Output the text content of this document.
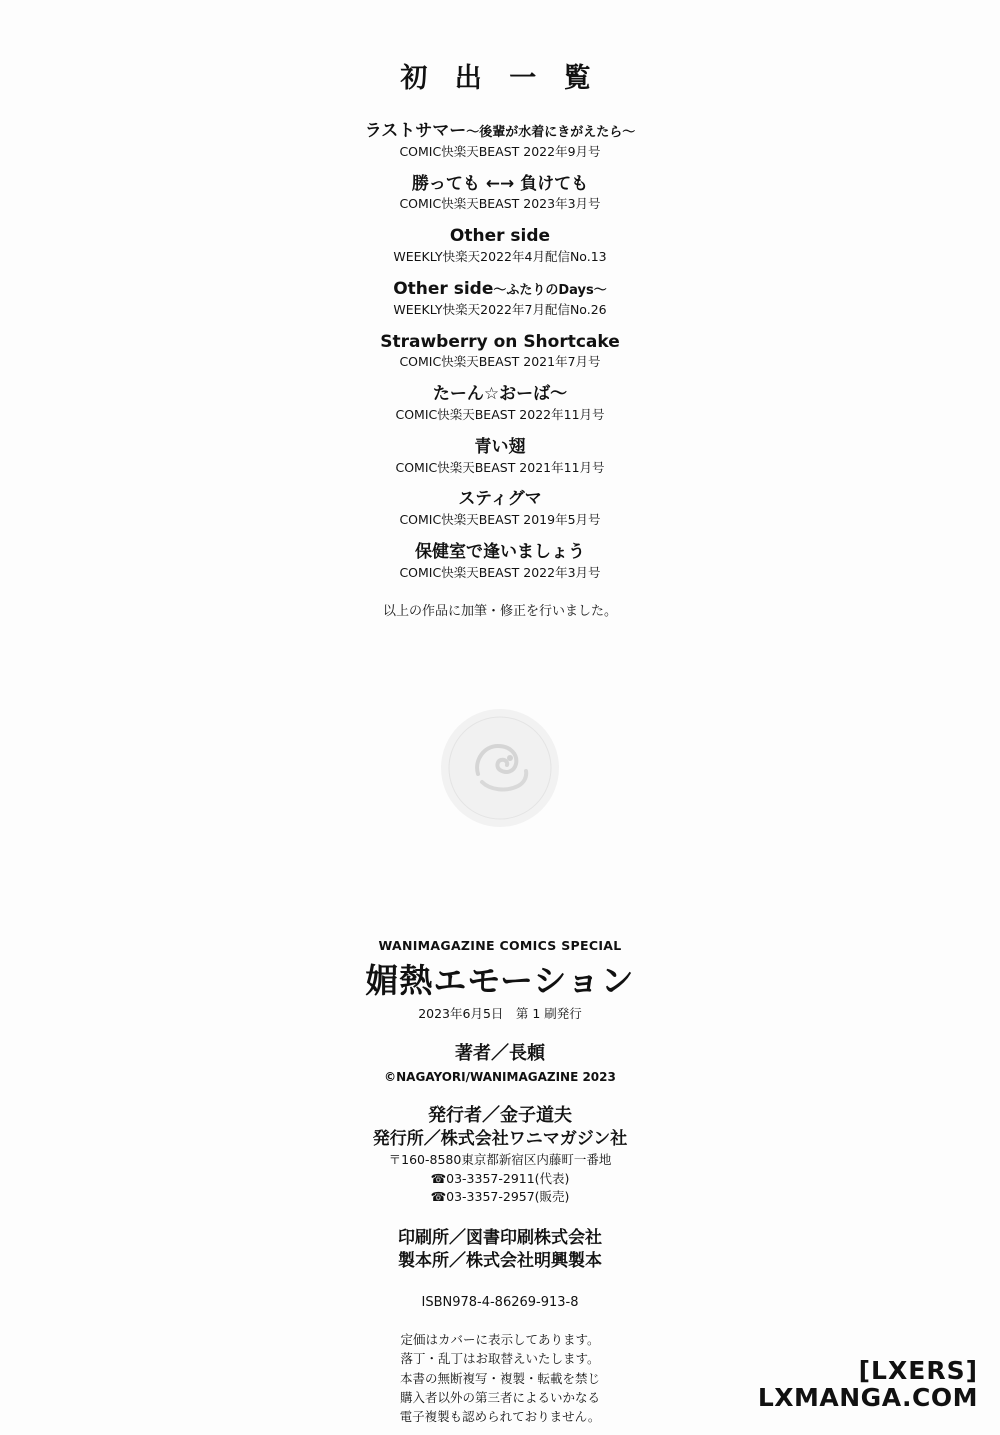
初 出 一 覧
ラストサマー～後輩が水着にきがえたら～
COMIC快楽天BEAST 2022年9月号
勝っても ←→ 負けても
COMIC快楽天BEAST 2023年3月号
Other side
WEEKLY快楽天2022年4月配信No.13
Other side～ふたりのDays～
WEEKLY快楽天2022年7月配信No.26
Strawberry on Shortcake
COMIC快楽天BEAST 2021年7月号
たーん☆おーば～
COMIC快楽天BEAST 2022年11月号
青い翅
COMIC快楽天BEAST 2021年11月号
スティグマ
COMIC快楽天BEAST 2019年5月号
保健室で逢いましょう
COMIC快楽天BEAST 2022年3月号
以上の作品に加筆・修正を行いました。
WANIMAGAZINE COMICS SPECIAL
媚熱エモーション
2023年6月5日　第 1 刷発行
著者／長頼
©NAGAYORI/WANIMAGAZINE 2023
発行者／金子道夫
発行所／株式会社ワニマガジン社
〒160-8580東京都新宿区内藤町一番地
☎03-3357-2911(代表)
☎03-3357-2957(販売)
印刷所／図書印刷株式会社
製本所／株式会社明興製本
ISBN978-4-86269-913-8
定価はカバーに表示してあります。
落丁・乱丁はお取替えいたします。
本書の無断複写・複製・転載を禁じ
購入者以外の第三者によるいかなる
電子複製も認められておりません。
[LXERS]
LXMANGA.COM
